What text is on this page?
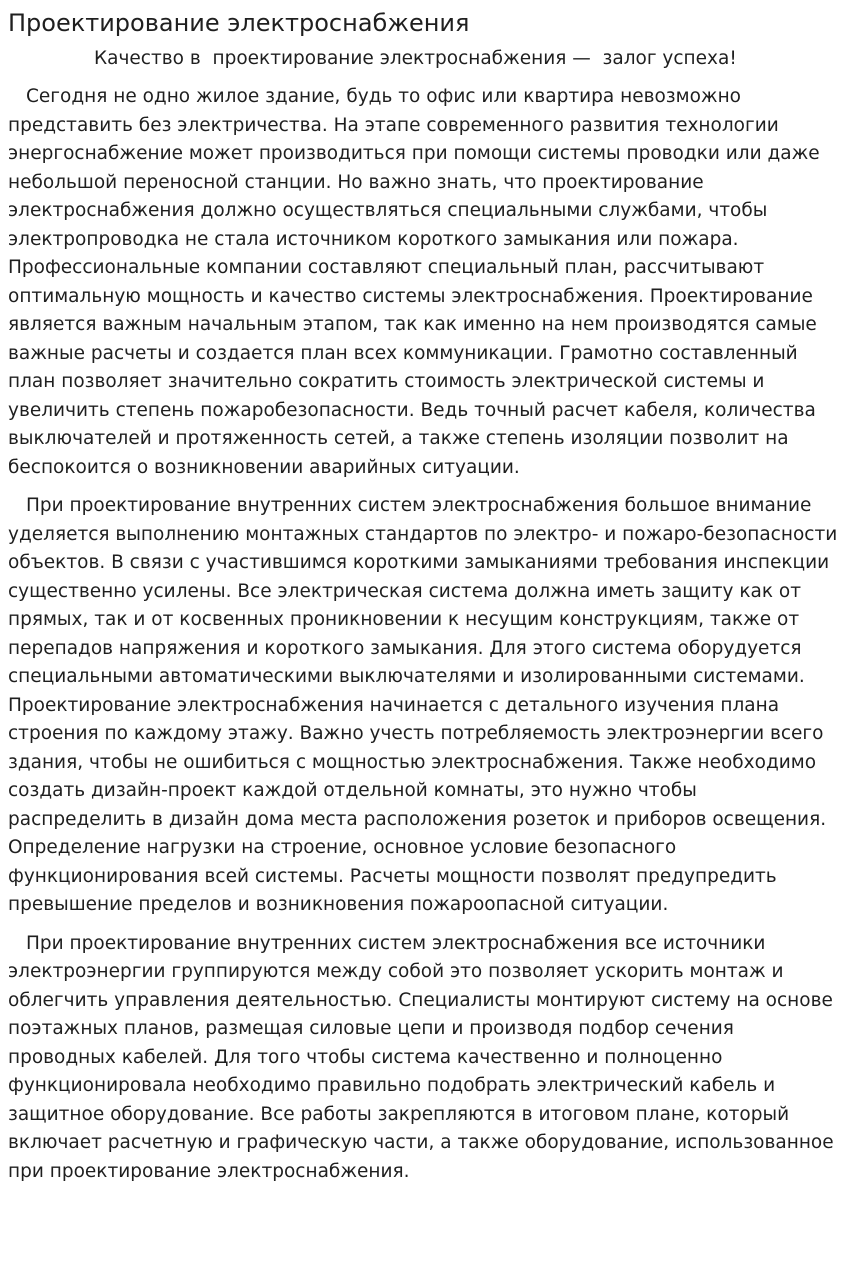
Проектирование электроснабжения
Качество в  проектирование электроснабжения —  залог успеха!

Сегодня не одно жилое здание, будь то офис или квартира невозможно представить без электричества. На этапе современного развития технологии энергоснабжение может производиться при помощи системы проводки или даже небольшой переносной станции. Но важно знать, что проектирование электроснабжения должно осуществляться специальными службами, чтобы электропроводка не стала источником короткого замыкания или пожара. Профессиональные компании составляют специальный план, рассчитывают оптимальную мощность и качество системы электроснабжения. Проектирование является важным начальным этапом, так как именно на нем производятся самые важные расчеты и создается план всех коммуникации. Грамотно составленный план позволяет значительно сократить стоимость электрической системы и увеличить степень пожаробезопасности. Ведь точный расчет кабеля, количества выключателей и протяженность сетей, а также степень изоляции позволит на беспокоится о возникновении аварийных ситуации.

При проектирование внутренних систем электроснабжения большое внимание уделяется выполнению монтажных стандартов по электро- и пожаро-безопасности объектов. В связи с участившимся короткими замыканиями требования инспекции существенно усилены. Все электрическая система должна иметь защиту как от прямых, так и от косвенных проникновении к несущим конструкциям, также от перепадов напряжения и короткого замыкания. Для этого система оборудуется специальными автоматическими выключателями и изолированными системами. Проектирование электроснабжения начинается с детального изучения плана строения по каждому этажу. Важно учесть потребляемость электроэнергии всего здания, чтобы не ошибиться с мощностью электроснабжения. Также необходимо создать дизайн-проект каждой отдельной комнаты, это нужно чтобы распределить в дизайн дома места расположения розеток и приборов освещения. Определение нагрузки на строение, основное условие безопасного функционирования всей системы. Расчеты мощности позволят предупредить превышение пределов и возникновения пожароопасной ситуации.

При проектирование внутренних систем электроснабжения все источники электроэнергии группируются между собой это позволяет ускорить монтаж и облегчить управления деятельностью. Специалисты монтируют систему на основе поэтажных планов, размещая силовые цепи и производя подбор сечения проводных кабелей. Для того чтобы система качественно и полноценно функционировала необходимо правильно подобрать электрический кабель и защитное оборудование. Все работы закрепляются в итоговом плане, который включает расчетную и графическую части, а также оборудование, использованное при проектирование электроснабжения.
